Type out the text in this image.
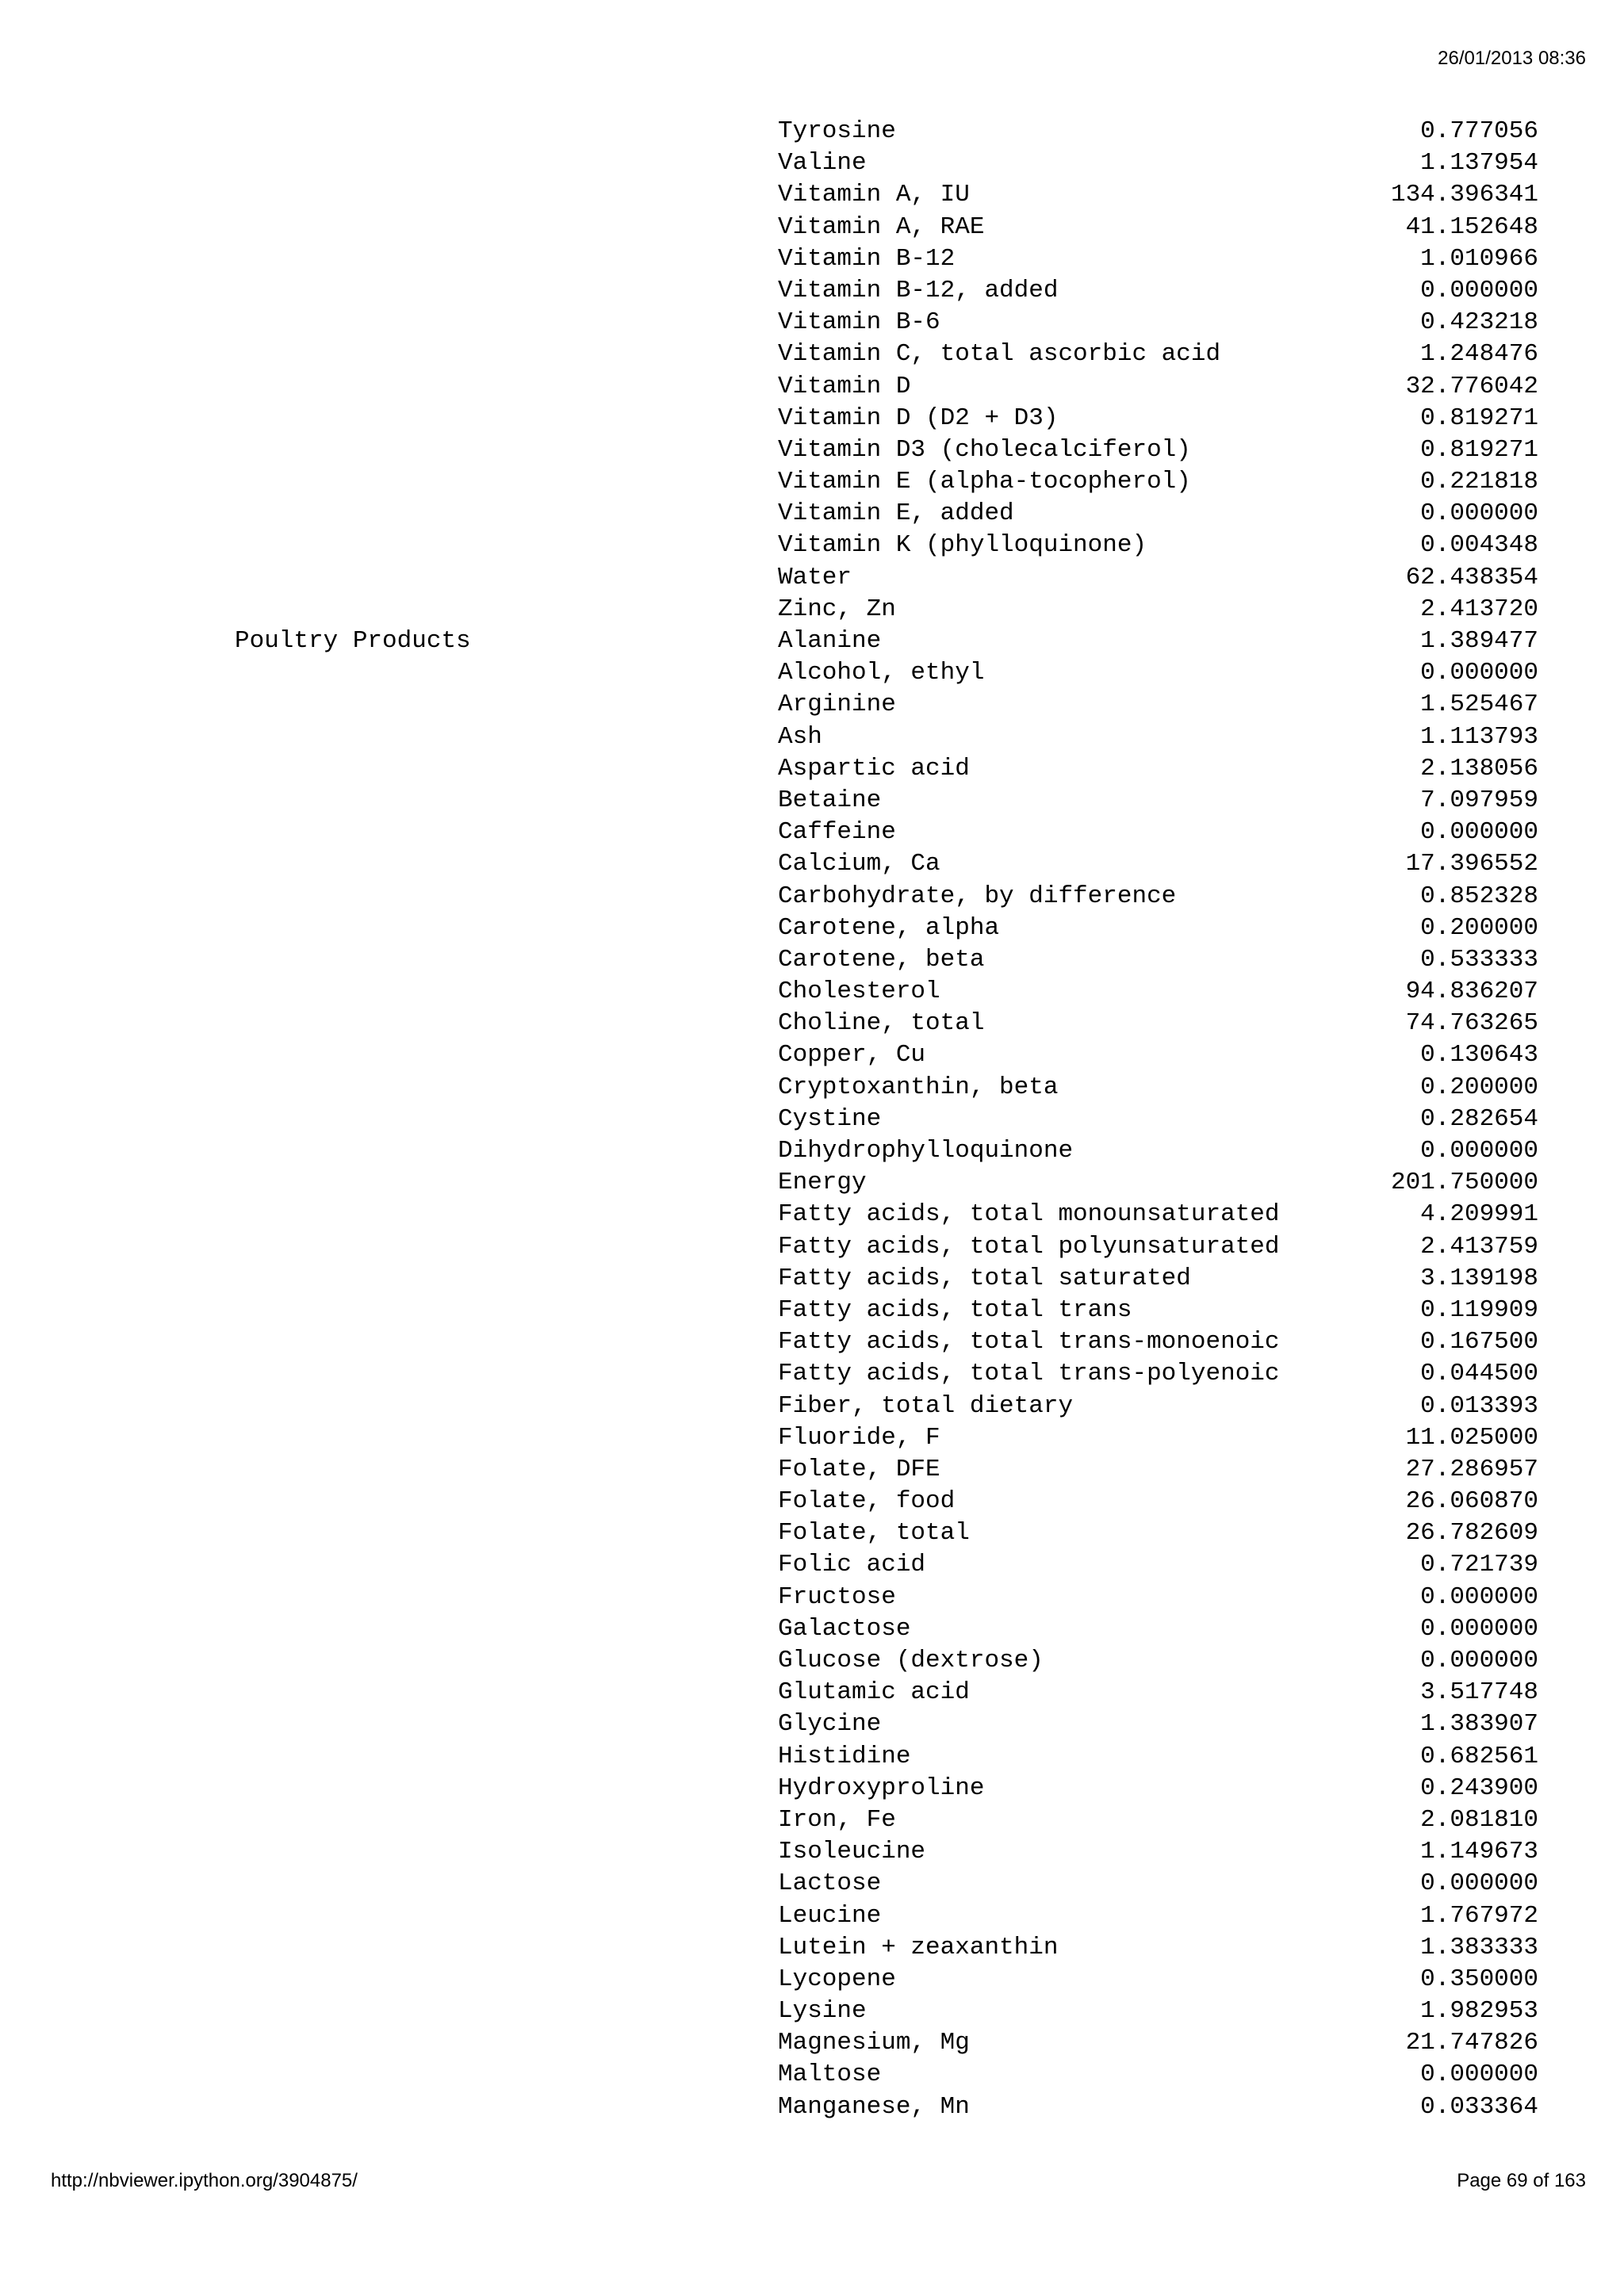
26/01/2013 08:36
Tyrosine	0.777056
Valine	1.137954
Vitamin A, IU	134.396341
Vitamin A, RAE	41.152648
Vitamin B-12	1.010966
Vitamin B-12, added	0.000000
Vitamin B-6	0.423218
Vitamin C, total ascorbic acid	1.248476
Vitamin D	32.776042
Vitamin D (D2 + D3)	0.819271
Vitamin D3 (cholecalciferol)	0.819271
Vitamin E (alpha-tocopherol)	0.221818
Vitamin E, added	0.000000
Vitamin K (phylloquinone)	0.004348
Water	62.438354
Zinc, Zn	2.413720
Poultry Products	Alanine	1.389477
Alcohol, ethyl	0.000000
Arginine	1.525467
Ash	1.113793
Aspartic acid	2.138056
Betaine	7.097959
Caffeine	0.000000
Calcium, Ca	17.396552
Carbohydrate, by difference	0.852328
Carotene, alpha	0.200000
Carotene, beta	0.533333
Cholesterol	94.836207
Choline, total	74.763265
Copper, Cu	0.130643
Cryptoxanthin, beta	0.200000
Cystine	0.282654
Dihydrophylloquinone	0.000000
Energy	201.750000
Fatty acids, total monounsaturated	4.209991
Fatty acids, total polyunsaturated	2.413759
Fatty acids, total saturated	3.139198
Fatty acids, total trans	0.119909
Fatty acids, total trans-monoenoic	0.167500
Fatty acids, total trans-polyenoic	0.044500
Fiber, total dietary	0.013393
Fluoride, F	11.025000
Folate, DFE	27.286957
Folate, food	26.060870
Folate, total	26.782609
Folic acid	0.721739
Fructose	0.000000
Galactose	0.000000
Glucose (dextrose)	0.000000
Glutamic acid	3.517748
Glycine	1.383907
Histidine	0.682561
Hydroxyproline	0.243900
Iron, Fe	2.081810
Isoleucine	1.149673
Lactose	0.000000
Leucine	1.767972
Lutein + zeaxanthin	1.383333
Lycopene	0.350000
Lysine	1.982953
Magnesium, Mg	21.747826
Maltose	0.000000
Manganese, Mn	0.033364
http://nbviewer.ipython.org/3904875/	Page 69 of 163
